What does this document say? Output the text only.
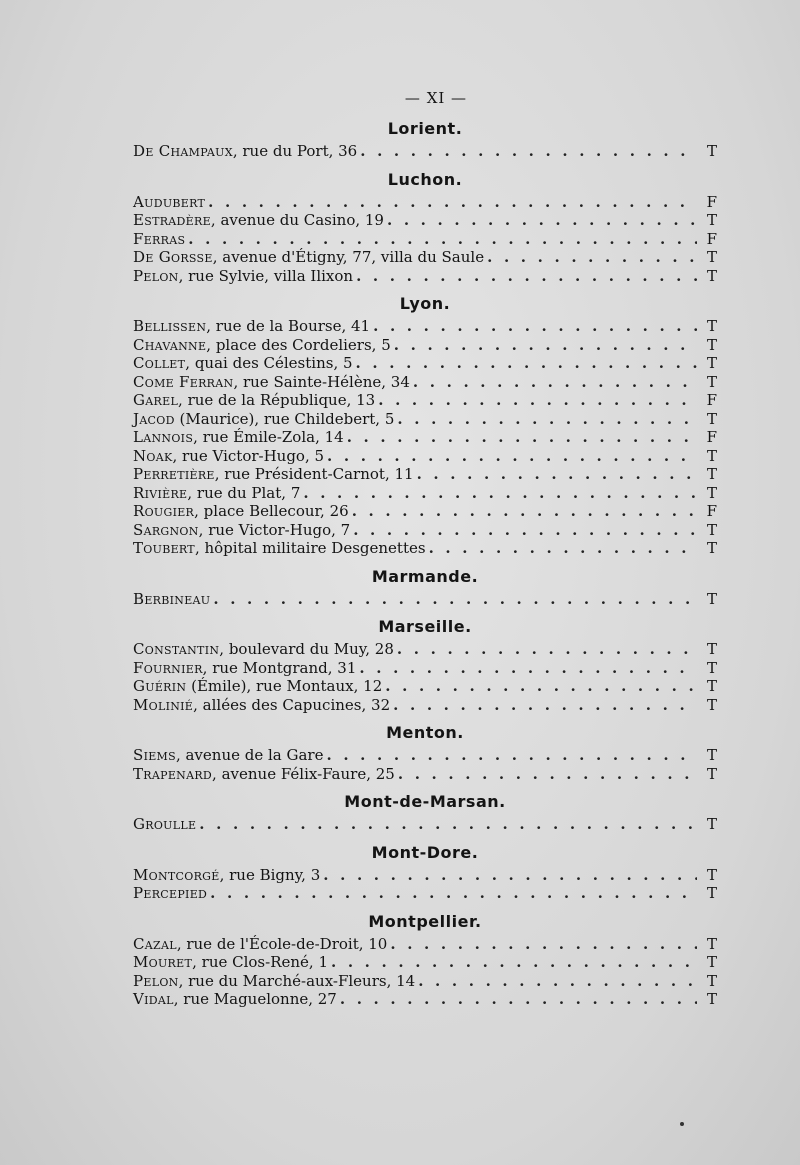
— XI —
Lorient.
De Champaux, rue du Port, 36 . . .	T
Luchon.
Audubert . . .	F
Estradère, avenue du Casino, 19 . . .	T
Ferras . . .	F
De Gorsse, avenue d'Étigny, 77, villa du Saule . . .	T
Pelon, rue Sylvie, villa Ilixon . . .	T
Lyon.
Bellissen, rue de la Bourse, 41 . . .	T
Chavanne, place des Cordeliers, 5 . . .	T
Collet, quai des Célestins, 5 . . .	T
Come Ferran, rue Sainte-Hélène, 34 . . .	T
Garel, rue de la République, 13 . . .	F
Jacod (Maurice), rue Childebert, 5 . . .	T
Lannois, rue Émile-Zola, 14 . . .	F
Noak, rue Victor-Hugo, 5 . . .	T
Perretière, rue Président-Carnot, 11 . . .	T
Rivière, rue du Plat, 7 . . .	T
Rougier, place Bellecour, 26 . . .	F
Sargnon, rue Victor-Hugo, 7 . . .	T
Toubert, hôpital militaire Desgenettes . . .	T
Marmande.
Berbineau . . .	T
Marseille.
Constantin, boulevard du Muy, 28 . . .	T
Fournier, rue Montgrand, 31 . . .	T
Guérin (Émile), rue Montaux, 12 . . .	T
Molinié, allées des Capucines, 32 . . .	T
Menton.
Siems, avenue de la Gare . . .	T
Trapenard, avenue Félix-Faure, 25 . . .	T
Mont-de-Marsan.
Groulle . . .	T
Mont-Dore.
Montcorgé, rue Bigny, 3 . . .	T
Percepied . . .	T
Montpellier.
Cazal, rue de l'École-de-Droit, 10 . . .	T
Mouret, rue Clos-René, 1 . . .	T
Pelon, rue du Marché-aux-Fleurs, 14 . . .	T
Vidal, rue Maguelonne, 27 . . .	T
